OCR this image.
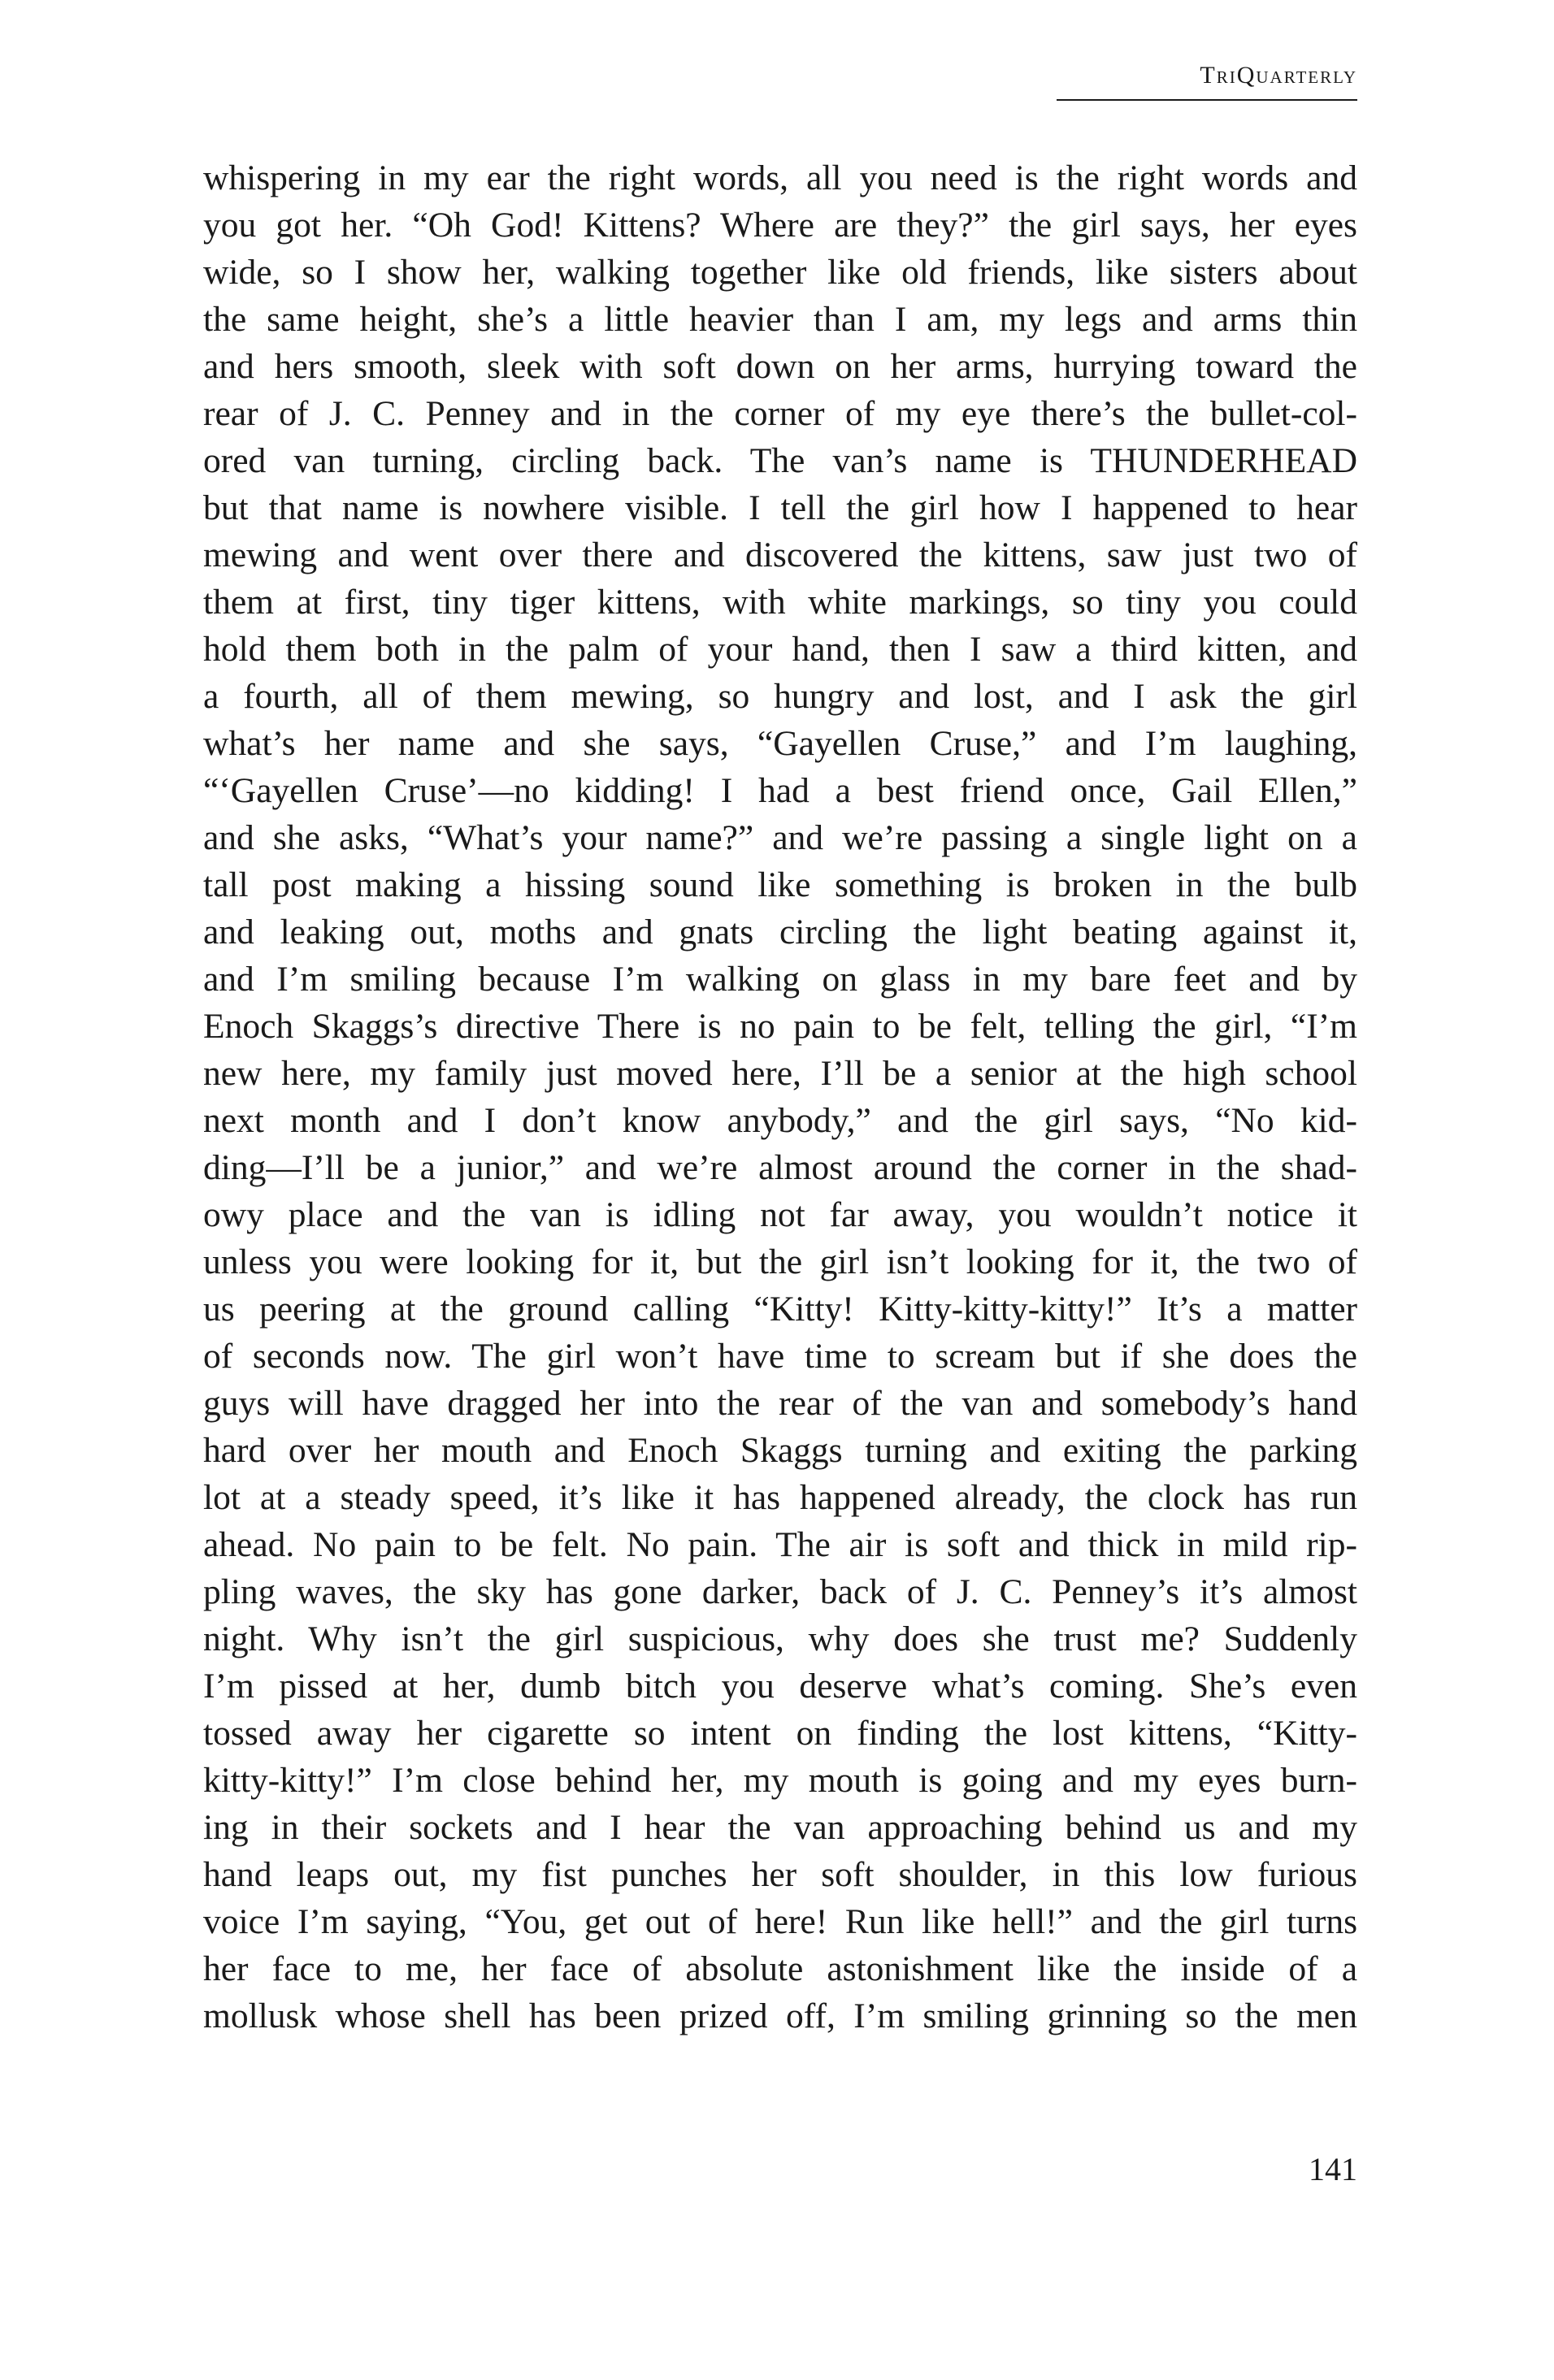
TriQuarterly
whispering in my ear the right words, all you need is the right words and
you got her. “Oh God! Kittens? Where are they?” the girl says, her eyes
wide, so I show her, walking together like old friends, like sisters about
the same height, she’s a little heavier than I am, my legs and arms thin
and hers smooth, sleek with soft down on her arms, hurrying toward the
rear of J. C. Penney and in the corner of my eye there’s the bullet-col-
ored van turning, circling back. The van’s name is THUNDERHEAD
but that name is nowhere visible. I tell the girl how I happened to hear
mewing and went over there and discovered the kittens, saw just two of
them at first, tiny tiger kittens, with white markings, so tiny you could
hold them both in the palm of your hand, then I saw a third kitten, and
a fourth, all of them mewing, so hungry and lost, and I ask the girl
what’s her name and she says, “Gayellen Cruse,” and I’m laughing,
“‘Gayellen Cruse’—no kidding! I had a best friend once, Gail Ellen,”
and she asks, “What’s your name?” and we’re passing a single light on a
tall post making a hissing sound like something is broken in the bulb
and leaking out, moths and gnats circling the light beating against it,
and I’m smiling because I’m walking on glass in my bare feet and by
Enoch Skaggs’s directive There is no pain to be felt, telling the girl, “I’m
new here, my family just moved here, I’ll be a senior at the high school
next month and I don’t know anybody,” and the girl says, “No kid-
ding—I’ll be a junior,” and we’re almost around the corner in the shad-
owy place and the van is idling not far away, you wouldn’t notice it
unless you were looking for it, but the girl isn’t looking for it, the two of
us peering at the ground calling “Kitty! Kitty-kitty-kitty!” It’s a matter
of seconds now. The girl won’t have time to scream but if she does the
guys will have dragged her into the rear of the van and somebody’s hand
hard over her mouth and Enoch Skaggs turning and exiting the parking
lot at a steady speed, it’s like it has happened already, the clock has run
ahead. No pain to be felt. No pain. The air is soft and thick in mild rip-
pling waves, the sky has gone darker, back of J. C. Penney’s it’s almost
night. Why isn’t the girl suspicious, why does she trust me? Suddenly
I’m pissed at her, dumb bitch you deserve what’s coming. She’s even
tossed away her cigarette so intent on finding the lost kittens, “Kitty-
kitty-kitty!” I’m close behind her, my mouth is going and my eyes burn-
ing in their sockets and I hear the van approaching behind us and my
hand leaps out, my fist punches her soft shoulder, in this low furious
voice I’m saying, “You, get out of here! Run like hell!” and the girl turns
her face to me, her face of absolute astonishment like the inside of a
mollusk whose shell has been prized off, I’m smiling grinning so the men
141
